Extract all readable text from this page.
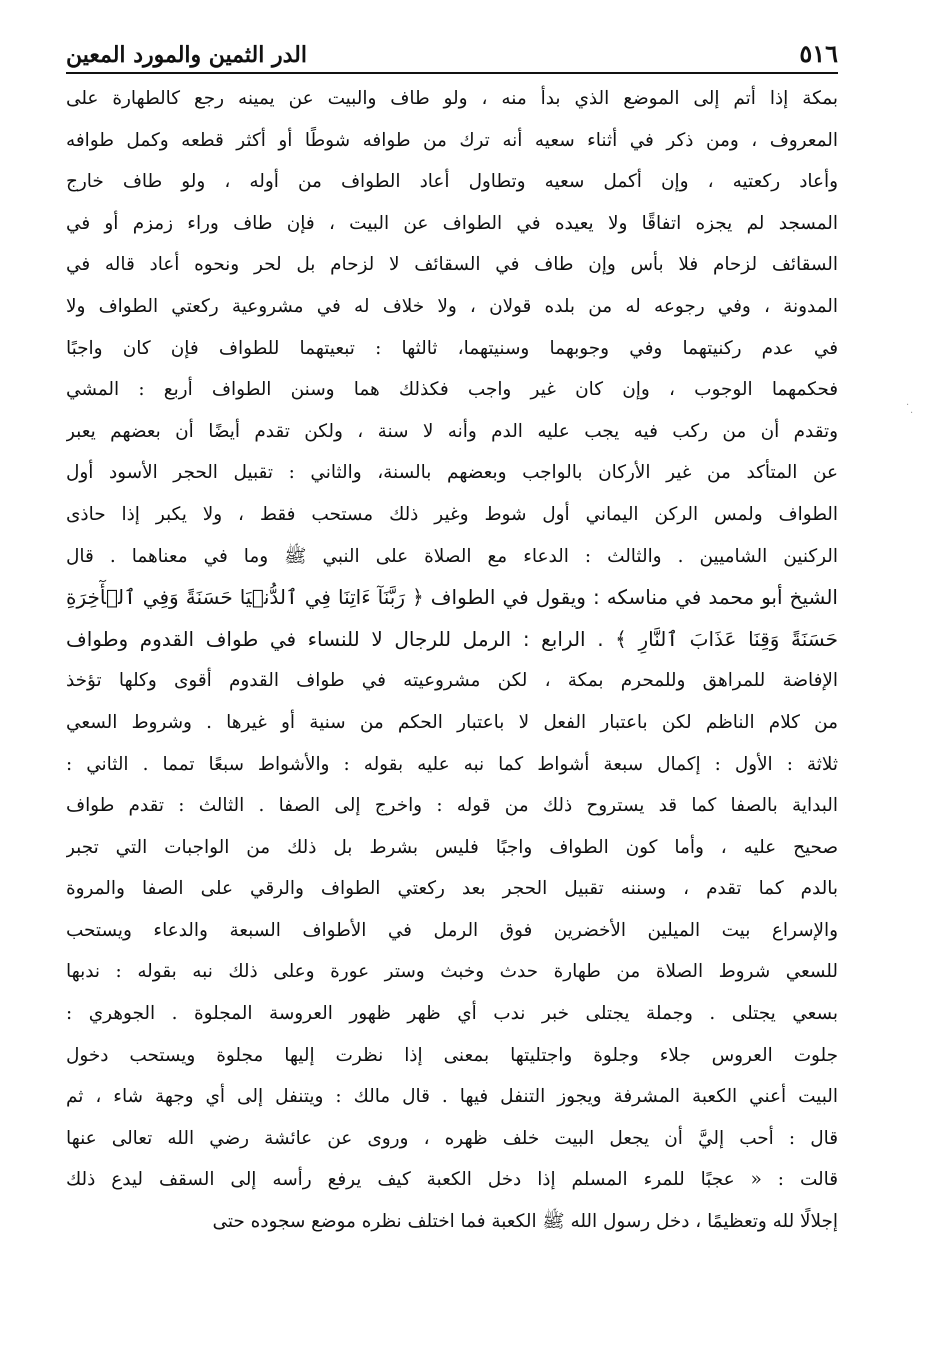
٥١٦
الدر الثمين والمورد المعين
بمكة إذا أتم إلى الموضع الذي بدأ منه ، ولو طاف والبيت عن يمينه رجع كالطهارة على
المعروف ، ومن ذكر في أثناء سعيه أنه ترك من طوافه شوطًا أو أكثر قطعه وكمل طوافه
وأعاد ركعتيه ، وإن أكمل سعيه وتطاول أعاد الطواف من أوله ، ولو طاف خارج
المسجد لم يجزه اتفاقًا ولا يعيده في الطواف عن البيت ، فإن طاف وراء زمزم أو في
السقائف لزحام فلا بأس وإن طاف في السقائف لا لزحام بل لحر ونحوه أعاد قاله في
المدونة ، وفي رجوعه له من بلده قولان ، ولا خلاف له في مشروعية ركعتي الطواف ولا
في عدم ركنيتهما وفي وجوبهما وسنيتهما، ثالثها : تبعيتهما للطواف فإن كان واجبًا
فحكمهما الوجوب ، وإن كان غير واجب فكذلك هما وسنن الطواف أربع : المشي
وتقدم أن من ركب فيه يجب عليه الدم وأنه لا سنة ، ولكن تقدم أيضًا أن بعضهم يعبر
عن المتأكد من غير الأركان بالواجب وبعضهم بالسنة، والثاني : تقبيل الحجر الأسود أول
الطواف ولمس الركن اليماني أول شوط وغير ذلك مستحب فقط ، ولا يكبر إذا حاذى
الركنين الشاميين . والثالث : الدعاء مع الصلاة على النبي ﷺ وما في معناهما . قال
الشيخ أبو محمد في مناسكه : ويقول في الطواف ﴿ رَبَّنَآ ءَاتِنَا فِي ٱلدُّنۡيَا حَسَنَةً وَفِي ٱلۡأٓخِرَةِ
حَسَنَةً وَقِنَا عَذَابَ ٱلنَّارِ ﴾ . الرابع : الرمل للرجال لا للنساء في طواف القدوم وطواف
الإفاضة للمراهق وللمحرم بمكة ، لكن مشروعيته في طواف القدوم أقوى وكلها تؤخذ
من كلام الناظم لكن باعتبار الفعل لا باعتبار الحكم من سنية أو غيرها . وشروط السعي
ثلاثة : الأول : إكمال سبعة أشواط كما نبه عليه بقوله : والأشواط سبعًا تمما . الثاني :
البداية بالصفا كما قد يستروح ذلك من قوله : واخرج إلى الصفا . الثالث : تقدم طواف
صحيح عليه ، وأما كون الطواف واجبًا فليس بشرط بل ذلك من الواجبات التي تجبر
بالدم كما تقدم ، وسننه تقبيل الحجر بعد ركعتي الطواف والرقي على الصفا والمروة
والإسراع بيت الميلين الأخضرين فوق الرمل في الأطواف السبعة والدعاء ويستحب
للسعي شروط الصلاة من طهارة حدث وخبث وستر عورة وعلى ذلك نبه بقوله : ندبها
بسعي يجتلى . وجملة يجتلى خبر ندب أي ظهر ظهور العروسة المجلوة . الجوهري :
جلوت العروس جلاء وجلوة واجتليتها بمعنى إذا نظرت إليها مجلوة ويستحب دخول
البيت أعني الكعبة المشرفة ويجوز التنفل فيها . قال مالك : ويتنفل إلى أي وجهة شاء ، ثم
قال : أحب إليَّ أن يجعل البيت خلف ظهره ، وروى عن عائشة رضي الله تعالى عنها
قالت : « عجبًا للمرء المسلم إذا دخل الكعبة كيف يرفع رأسه إلى السقف ليدع ذلك
إجلالًا لله وتعظيمًا ، دخل رسول الله ﷺ الكعبة فما اختلف نظره موضع سجوده حتى
·
·
